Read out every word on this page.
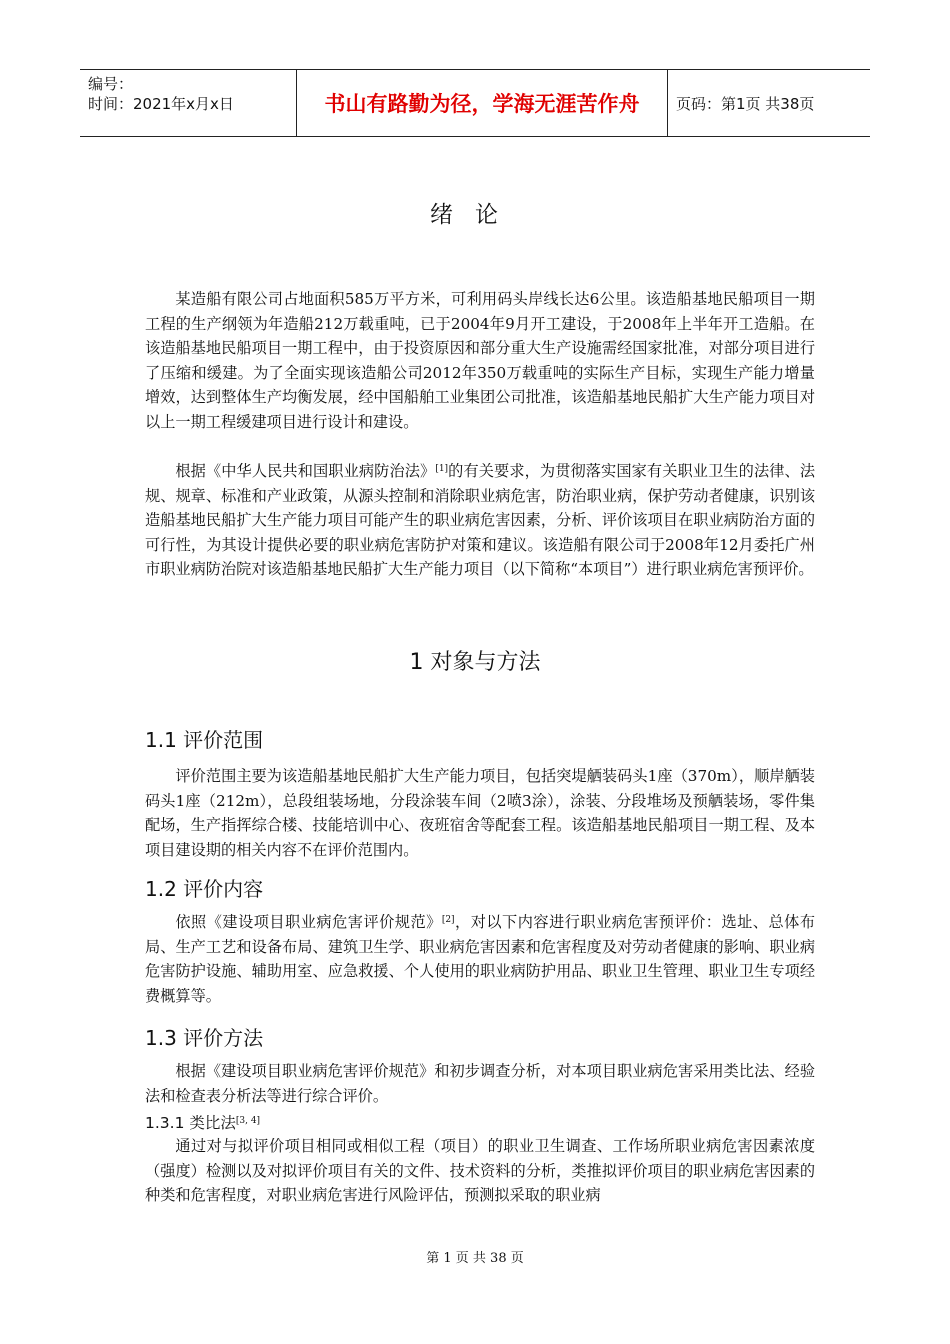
编号：
时间：2021年x月x日	书山有路勤为径，学海无涯苦作舟	页码：第1页 共38页
绪论

某造船有限公司占地面积585万平方米，可利用码头岸线长达6公里。该造船基地民船项目一期工程的生产纲领为年造船212万载重吨，已于2004年9月开工建设，于2008年上半年开工造船。在该造船基地民船项目一期工程中，由于投资原因和部分重大生产设施需经国家批准，对部分项目进行了压缩和缓建。为了全面实现该造船公司2012年350万载重吨的实际生产目标，实现生产能力增量增效，达到整体生产均衡发展，经中国船舶工业集团公司批准，该造船基地民船扩大生产能力项目对以上一期工程缓建项目进行设计和建设。

根据《中华人民共和国职业病防治法》[1]的有关要求，为贯彻落实国家有关职业卫生的法律、法规、规章、标准和产业政策，从源头控制和消除职业病危害，防治职业病，保护劳动者健康，识别该造船基地民船扩大生产能力项目可能产生的职业病危害因素，分析、评价该项目在职业病防治方面的可行性，为其设计提供必要的职业病危害防护对策和建议。该造船有限公司于2008年12月委托广州市职业病防治院对该造船基地民船扩大生产能力项目（以下简称“本项目”）进行职业病危害预评价。

1 对象与方法
1.1 评价范围

评价范围主要为该造船基地民船扩大生产能力项目，包括突堤舾装码头1座（370m），顺岸舾装码头1座（212m），总段组装场地，分段涂装车间（2喷3涂），涂装、分段堆场及预舾装场，零件集配场，生产指挥综合楼、技能培训中心、夜班宿舍等配套工程。该造船基地民船项目一期工程、及本项目建设期的相关内容不在评价范围内。

1.2 评价内容

依照《建设项目职业病危害评价规范》[2]，对以下内容进行职业病危害预评价：选址、总体布局、生产工艺和设备布局、建筑卫生学、职业病危害因素和危害程度及对劳动者健康的影响、职业病危害防护设施、辅助用室、应急救援、个人使用的职业病防护用品、职业卫生管理、职业卫生专项经费概算等。

1.3 评价方法

根据《建设项目职业病危害评价规范》和初步调查分析，对本项目职业病危害采用类比法、经验法和检查表分析法等进行综合评价。

1.3.1 类比法[3, 4]

通过对与拟评价项目相同或相似工程（项目）的职业卫生调查、工作场所职业病危害因素浓度（强度）检测以及对拟评价项目有关的文件、技术资料的分析，类推拟评价项目的职业病危害因素的种类和危害程度，对职业病危害进行风险评估，预测拟采取的职业病

第 1 页 共 38 页
